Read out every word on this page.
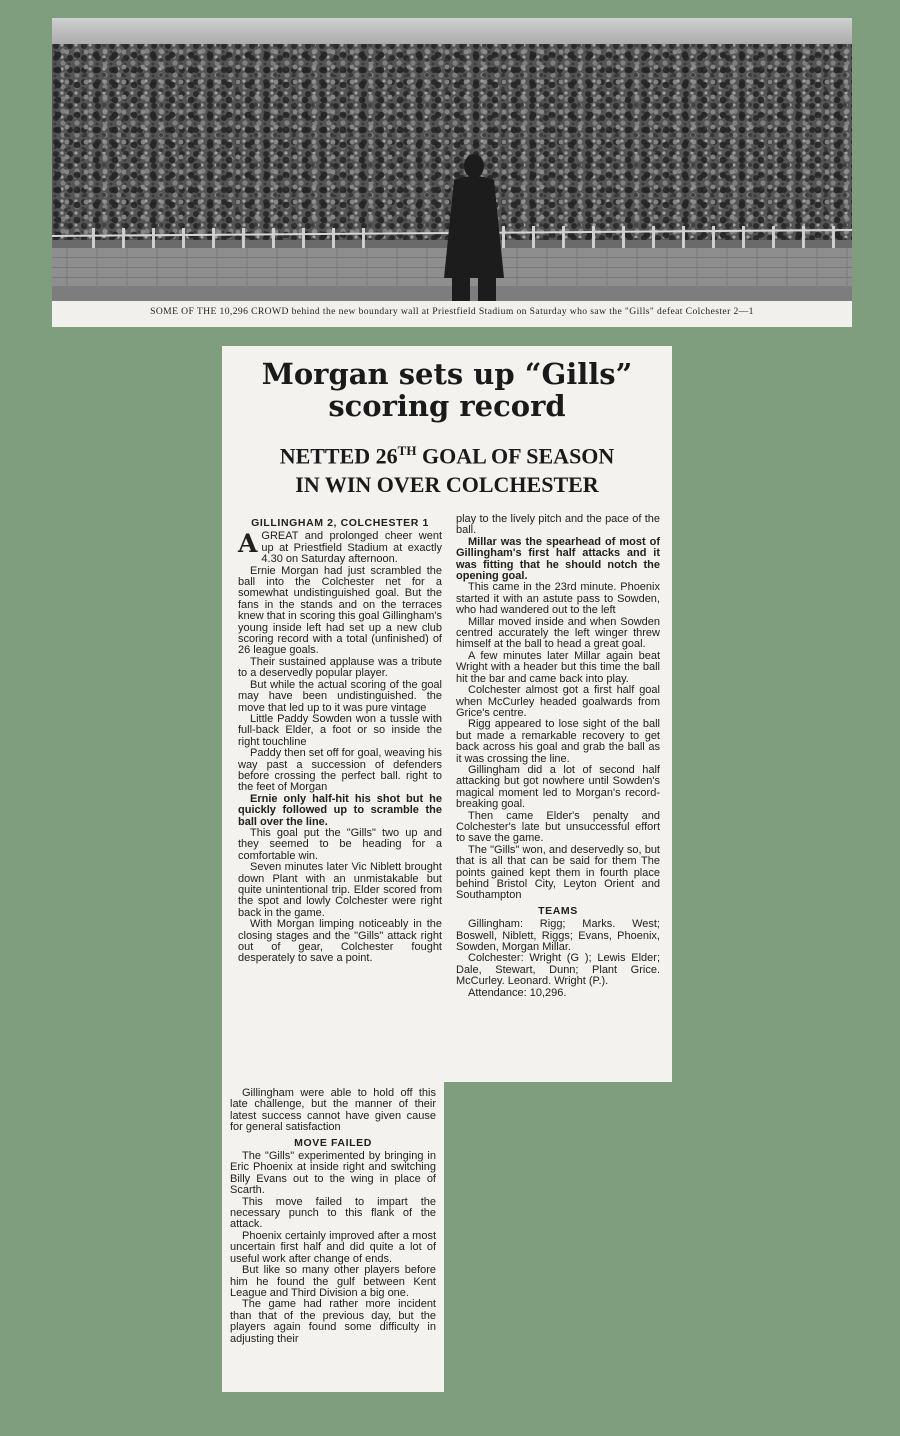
SOME OF THE 10,296 CROWD behind the new boundary wall at Priestfield Stadium on Saturday who saw the "Gills" defeat Colchester 2—1
Morgan sets up “Gills”
scoring record
NETTED 26TH GOAL OF SEASON
IN WIN OVER COLCHESTER
GILLINGHAM 2, COLCHESTER 1

AGREAT and prolonged cheer went up at Priestfield Stadium at exactly 4.30 on Saturday afternoon.

Ernie Morgan had just scrambled the ball into the Colchester net for a somewhat undistinguished goal. But the fans in the stands and on the terraces knew that in scoring this goal Gillingham's young inside left had set up a new club scoring record with a total (unfinished) of 26 league goals.

Their sustained applause was a tribute to a deservedly popular player.

But while the actual scoring of the goal may have been undistinguished. the move that led up to it was pure vintage

Little Paddy Sowden won a tussle with full-back Elder, a foot or so inside the right touchline

Paddy then set off for goal, weaving his way past a succession of defenders before crossing the perfect ball. right to the feet of Morgan

Ernie only half-hit his shot but he quickly followed up to scramble the ball over the line.

This goal put the "Gills" two up and they seemed to be heading for a comfortable win.

Seven minutes later Vic Niblett brought down Plant with an unmistakable but quite unintentional trip. Elder scored from the spot and lowly Colchester were right back in the game.

With Morgan limping noticeably in the closing stages and the "Gills" attack right out of gear, Colchester fought desperately to save a point.

play to the lively pitch and the pace of the ball.

Millar was the spearhead of most of Gillingham's first half attacks and it was fitting that he should notch the opening goal.

This came in the 23rd minute. Phoenix started it with an astute pass to Sowden, who had wandered out to the left

Millar moved inside and when Sowden centred accurately the left winger threw himself at the ball to head a great goal.

A few minutes later Millar again beat Wright with a header but this time the ball hit the bar and came back into play.

Colchester almost got a first half goal when McCurley headed goalwards from Grice's centre.

Rigg appeared to lose sight of the ball but made a remarkable recovery to get back across his goal and grab the ball as it was crossing the line.

Gillingham did a lot of second half attacking but got nowhere until Sowden's magical moment led to Morgan's record-breaking goal.

Then came Elder's penalty and Colchester's late but unsuccessful effort to save the game.

The "Gills" won, and deservedly so, but that is all that can be said for them The points gained kept them in fourth place behind Bristol City, Leyton Orient and Southampton

TEAMS

Gillingham: Rigg; Marks. West; Boswell, Niblett, Riggs; Evans, Phoenix, Sowden, Morgan Millar.

Colchester: Wright (G ); Lewis Elder; Dale, Stewart, Dunn; Plant Grice. McCurley. Leonard. Wright (P.).

Attendance: 10,296.

Gillingham were able to hold off this late challenge, but the manner of their latest success cannot have given cause for general satisfaction

MOVE FAILED

The "Gills" experimented by bringing in Eric Phoenix at inside right and switching Billy Evans out to the wing in place of Scarth.

This move failed to impart the necessary punch to this flank of the attack.

Phoenix certainly improved after a most uncertain first half and did quite a lot of useful work after change of ends.

But like so many other players before him he found the gulf between Kent League and Third Division a big one.

The game had rather more incident than that of the previous day, but the players again found some difficulty in adjusting their
